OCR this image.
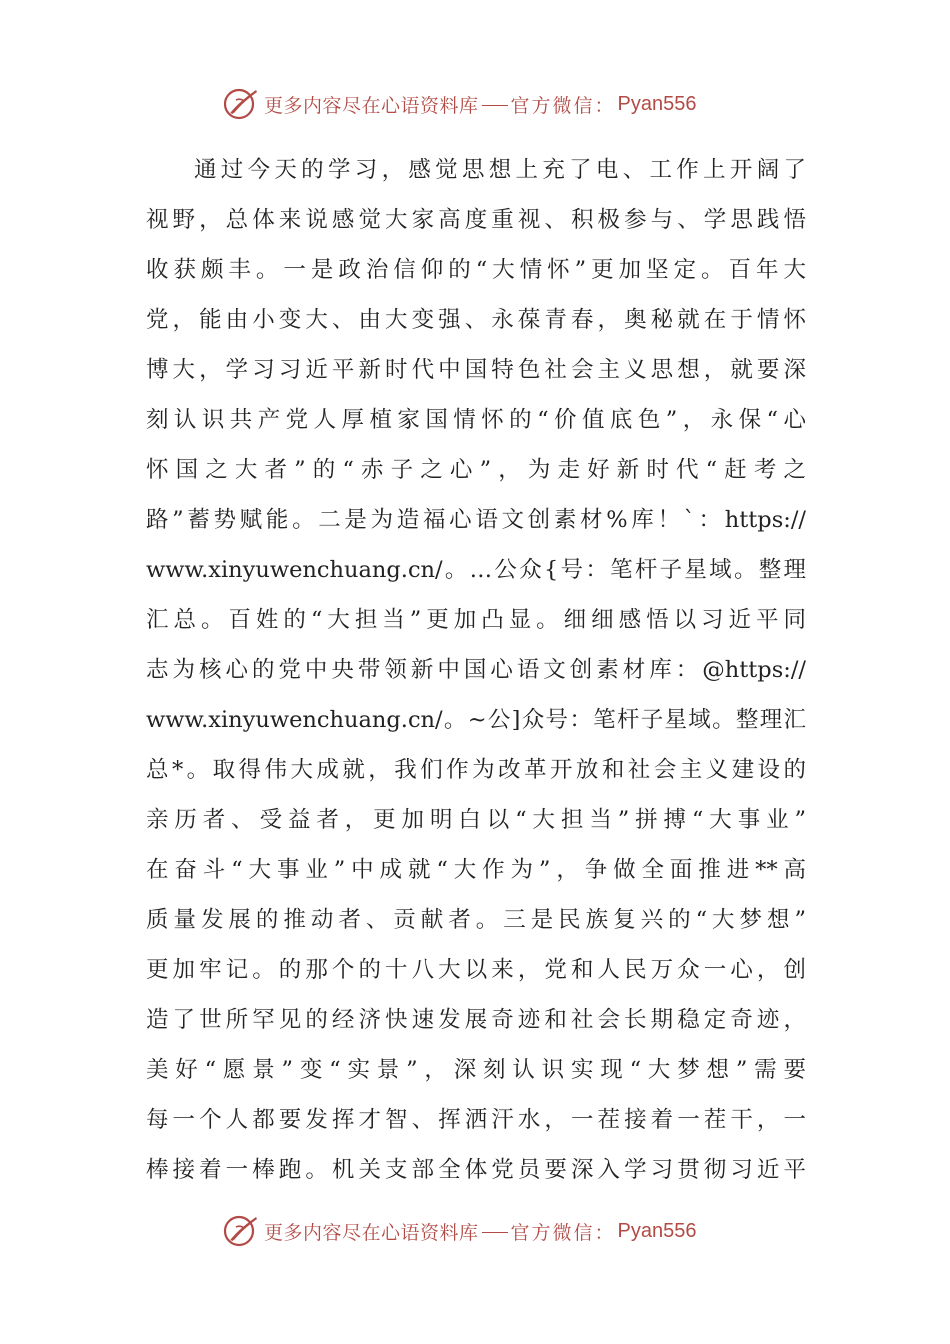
更多内容尽在心语资料库 官方微信： Pyan556
通过今天的学习，感觉思想上充了电、工作上开阔了
视野，总体来说感觉大家高度重视、积极参与、学思践悟
收获颇丰。一是政治信仰的“大情怀”更加坚定。百年大
党，能由小变大、由大变强、永葆青春，奥秘就在于情怀
博大，学习习近平新时代中国特色社会主义思想，就要深
刻认识共产党人厚植家国情怀的“价值底色”，永保“心
怀国之大者”的“赤子之心”，为走好新时代“赶考之
路”蓄势赋能。二是为造福心语文创素材%库！`：https://
www.xinyuwenchuang.cn/。…公众{号：笔杆子星域。整理
汇总。百姓的“大担当”更加凸显。细细感悟以习近平同
志为核心的党中央带领新中国心语文创素材库：@https://
www.xinyuwenchuang.cn/。~公]众号：笔杆子星域。整理汇
总*。取得伟大成就，我们作为改革开放和社会主义建设的
亲历者、受益者，更加明白以“大担当”拼搏“大事业”
在奋斗“大事业”中成就“大作为”，争做全面推进**高
质量发展的推动者、贡献者。三是民族复兴的“大梦想”
更加牢记。的那个的十八大以来，党和人民万众一心，创
造了世所罕见的经济快速发展奇迹和社会长期稳定奇迹，
美好“愿景”变“实景”，深刻认识实现“大梦想”需要
每一个人都要发挥才智、挥洒汗水，一茬接着一茬干，一
棒接着一棒跑。机关支部全体党员要深入学习贯彻习近平
更多内容尽在心语资料库 官方微信： Pyan556
